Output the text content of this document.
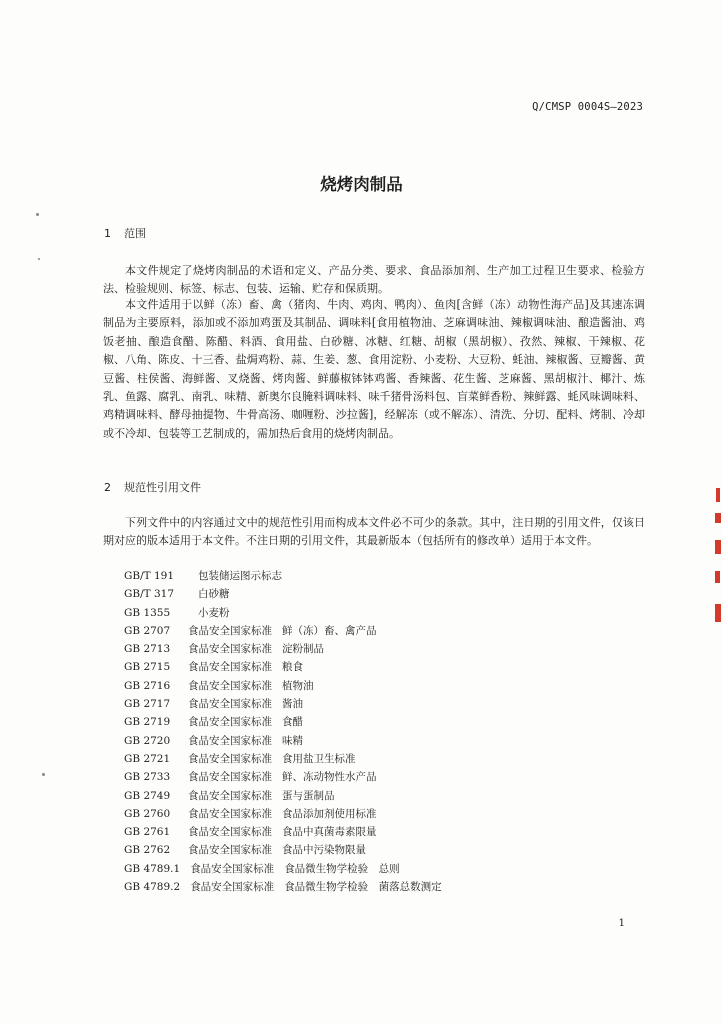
Q/CMSP 0004S—2023
烧烤肉制品
1 范围

本文件规定了烧烤肉制品的术语和定义、产品分类、要求、食品添加剂、生产加工过程卫生要求、检验方法、检验规则、标签、标志、包装、运输、贮存和保质期。

本文件适用于以鲜（冻）畜、禽（猪肉、牛肉、鸡肉、鸭肉）、鱼肉[含鲜（冻）动物性海产品]及其速冻调制品为主要原料，添加或不添加鸡蛋及其制品、调味料[食用植物油、芝麻调味油、辣椒调味油、酿造酱油、鸡饭老抽、酿造食醋、陈醋、料酒、食用盐、白砂糖、冰糖、红糖、胡椒（黑胡椒）、孜然、辣椒、干辣椒、花椒、八角、陈皮、十三香、盐焗鸡粉、蒜、生姜、葱、食用淀粉、小麦粉、大豆粉、蚝油、辣椒酱、豆瓣酱、黄豆酱、柱侯酱、海鲜酱、叉烧酱、烤肉酱、鲜藤椒钵钵鸡酱、香辣酱、花生酱、芝麻酱、黑胡椒汁、椰汁、炼乳、鱼露、腐乳、南乳、味精、新奥尔良腌料调味料、味千猪骨汤料包、盲菜鲜香粉、辣鲜露、蚝风味调味料、鸡精调味料、酵母抽提物、牛骨高汤、咖喱粉、沙拉酱]，经解冻（或不解冻）、清洗、分切、配料、烤制、冷却或不冷却、包装等工艺制成的，需加热后食用的烧烤肉制品。

2 规范性引用文件

下列文件中的内容通过文中的规范性引用而构成本文件必不可少的条款。其中，注日期的引用文件，仅该日期对应的版本适用于本文件。不注日期的引用文件，其最新版本（包括所有的修改单）适用于本文件。

GB/T 191 包装储运图示标志
GB/T 317 白砂糖
GB 1355	小麦粉
GB 2707 食品安全国家标准 鲜（冻）畜、禽产品
GB 2713 食品安全国家标准 淀粉制品
GB 2715 食品安全国家标准 粮食
GB 2716 食品安全国家标准 植物油
GB 2717 食品安全国家标准 酱油
GB 2719 食品安全国家标准 食醋
GB 2720 食品安全国家标准 味精
GB 2721 食品安全国家标准 食用盐卫生标准
GB 2733 食品安全国家标准 鲜、冻动物性水产品
GB 2749 食品安全国家标准 蛋与蛋制品
GB 2760 食品安全国家标准 食品添加剂使用标准
GB 2761 食品安全国家标准 食品中真菌毒素限量
GB 2762 食品安全国家标准 食品中污染物限量
GB 4789.1 食品安全国家标准 食品微生物学检验　总则
GB 4789.2 食品安全国家标准 食品微生物学检验　菌落总数测定
1
